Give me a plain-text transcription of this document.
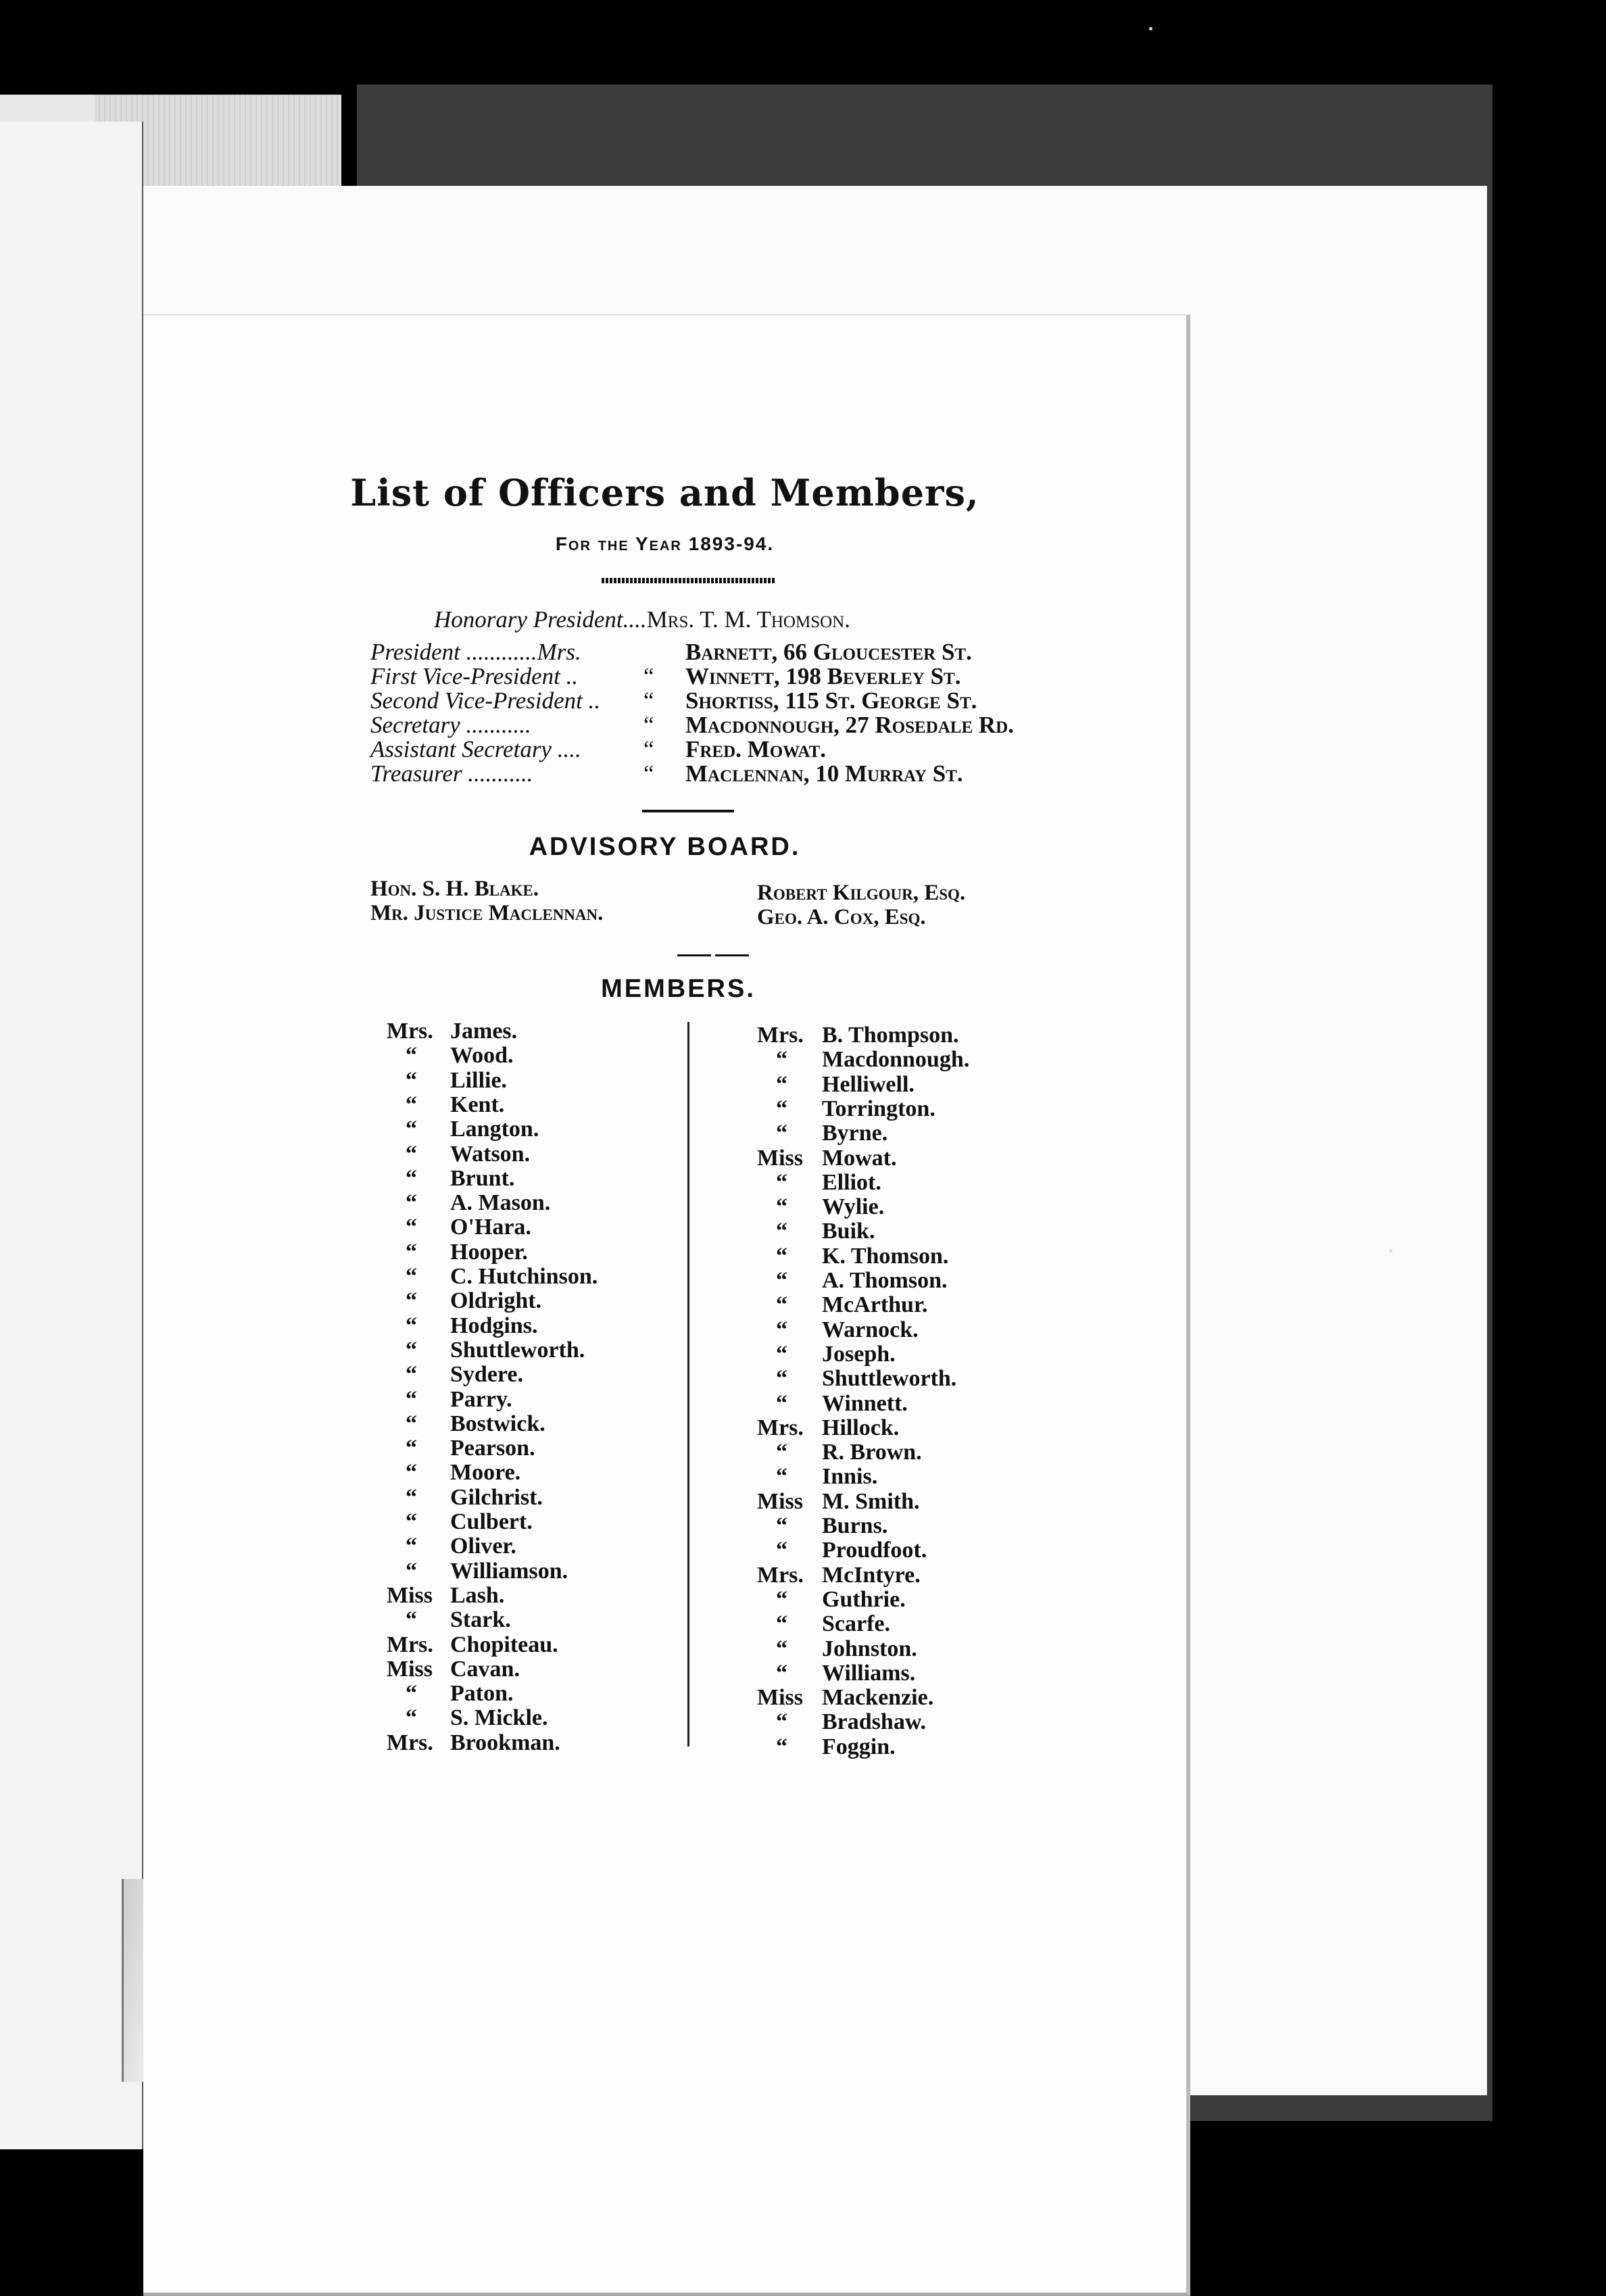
List of Officers and Members,
For the Year 1893-94.
Honorary President....Mrs. T. M. Thomson.
President ............Mrs.	Barnett, 66 Gloucester St.
First Vice-President ..	“ Winnett, 198 Beverley St.
Second Vice-President .. “ Shortiss, 115 St. George St.
Secretary ...........	“ Macdonnough, 27 Rosedale Rd.
Assistant Secretary ....	“ Fred. Mowat.
Treasurer ...........	“ Maclennan, 10 Murray St.
ADVISORY BOARD.
Hon. S. H. Blake.
Mr. Justice Maclennan.
Robert Kilgour, Esq.
Geo. A. Cox, Esq.
MEMBERS.
Mrs. James.
“ Wood.
“ Lillie.
“ Kent.
“ Langton.
“ Watson.
“ Brunt.
“ A. Mason.
“ O'Hara.
“ Hooper.
“ C. Hutchinson.
“ Oldright.
“ Hodgins.
“ Shuttleworth.
“ Sydere.
“ Parry.
“ Bostwick.
“ Pearson.
“ Moore.
“ Gilchrist.
“ Culbert.
“ Oliver.
“ Williamson.
Miss Lash.
“ Stark.
Mrs. Chopiteau.
Miss Cavan.
“ Paton.
“ S. Mickle.
Mrs. Brookman.
Mrs. B. Thompson.
“ Macdonnough.
“ Helliwell.
“ Torrington.
“ Byrne.
Miss Mowat.
“ Elliot.
“ Wylie.
“ Buik.
“ K. Thomson.
“ A. Thomson.
“ McArthur.
“ Warnock.
“ Joseph.
“ Shuttleworth.
“ Winnett.
Mrs. Hillock.
“ R. Brown.
“ Innis.
Miss M. Smith.
“ Burns.
“ Proudfoot.
Mrs. McIntyre.
“ Guthrie.
“ Scarfe.
“ Johnston.
“ Williams.
Miss Mackenzie.
“ Bradshaw.
“ Foggin.
